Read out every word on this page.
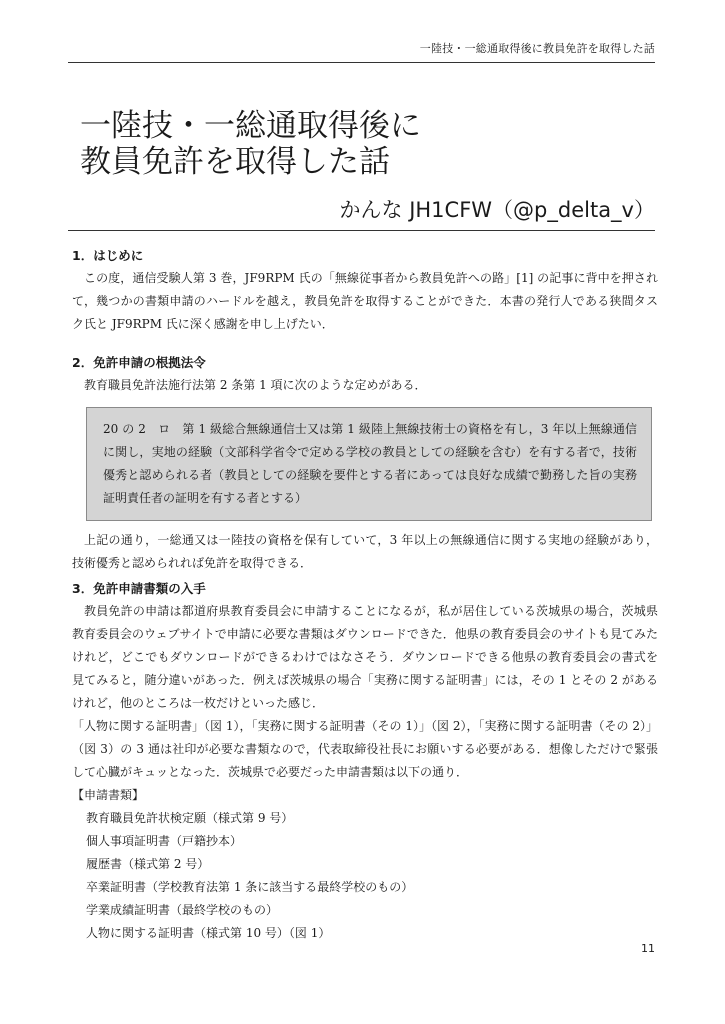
一陸技・一総通取得後に教員免許を取得した話
一陸技・一総通取得後に
教員免許を取得した話
かんな JH1CFW（@p_delta_v）
1．はじめに

この度，通信受験人第 3 巻，JF9RPM 氏の「無線従事者から教員免許への路」[1] の記事に背中を押されて，幾つかの書類申請のハードルを越え，教員免許を取得することができた．本書の発行人である狭間タスク氏と JF9RPM 氏に深く感謝を申し上げたい．

2．免許申請の根拠法令

教育職員免許法施行法第 2 条第 1 項に次のような定めがある．

20 の 2　ロ　第 1 級総合無線通信士又は第 1 級陸上無線技術士の資格を有し，3 年以上無線通信に関し，実地の経験（文部科学省令で定める学校の教員としての経験を含む）を有する者で，技術優秀と認められる者（教員としての経験を要件とする者にあっては良好な成績で勤務した旨の実務証明責任者の証明を有する者とする）

上記の通り，一総通又は一陸技の資格を保有していて，3 年以上の無線通信に関する実地の経験があり，技術優秀と認められれば免許を取得できる．

3．免許申請書類の入手

教員免許の申請は都道府県教育委員会に申請することになるが，私が居住している茨城県の場合，茨城県教育委員会のウェブサイトで申請に必要な書類はダウンロードできた．他県の教育委員会のサイトも見てみたけれど，どこでもダウンロードができるわけではなさそう．ダウンロードできる他県の教育委員会の書式を見てみると，随分違いがあった．例えば茨城県の場合「実務に関する証明書」には，その 1 とその 2 があるけれど，他のところは一枚だけといった感じ．

「人物に関する証明書」（図 1），「実務に関する証明書（その 1）」（図 2），「実務に関する証明書（その 2）」（図 3）の 3 通は社印が必要な書類なので，代表取締役社長にお願いする必要がある．想像しただけで緊張して心臓がキュッとなった．茨城県で必要だった申請書類は以下の通り．

【申請書類】

教育職員免許状検定願（様式第 9 号）
個人事項証明書（戸籍抄本）
履歴書（様式第 2 号）
卒業証明書（学校教育法第 1 条に該当する最終学校のもの）
学業成績証明書（最終学校のもの）
人物に関する証明書（様式第 10 号）（図 1）
11
